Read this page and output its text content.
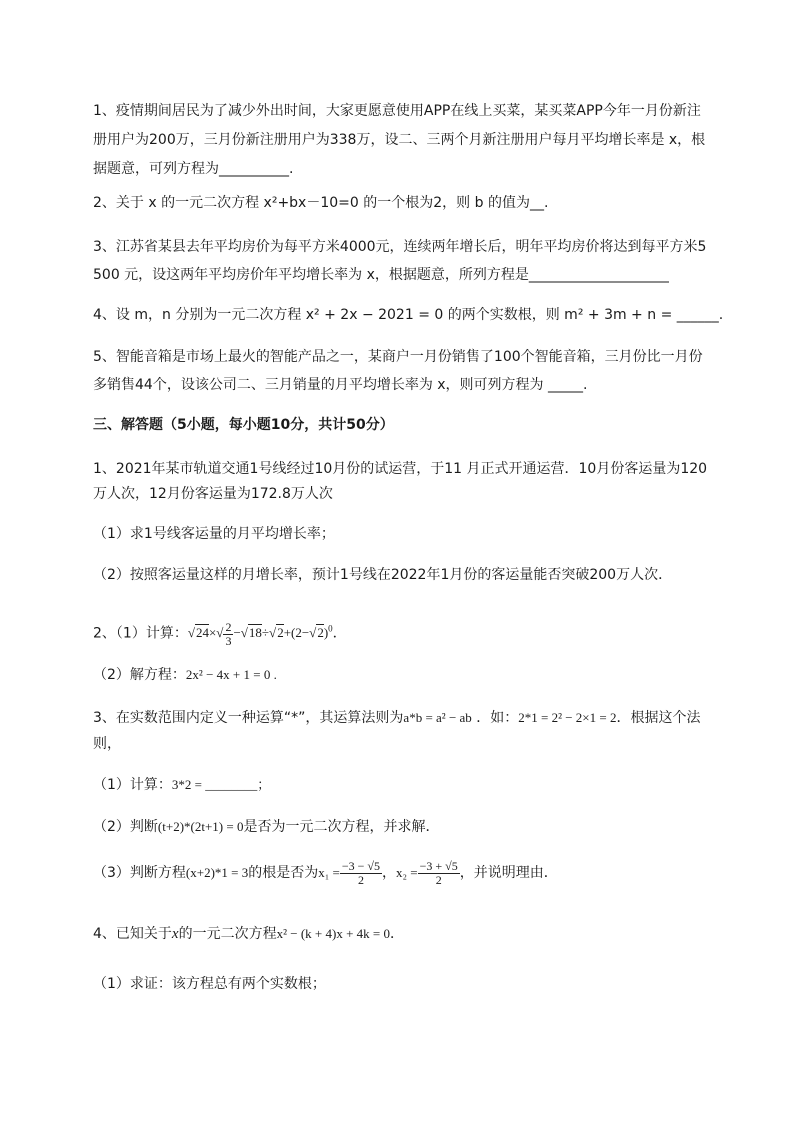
1、疫情期间居民为了减少外出时间，大家更愿意使用APP在线上买菜，某买菜APP今年一月份新注
册用户为200万，三月份新注册用户为338万，设二、三两个月新注册用户每月平均增长率是 x，根
据题意，可列方程为__________.
2、关于 x 的一元二次方程 x²+bx－10=0 的一个根为2，则 b 的值为__.
3、江苏省某县去年平均房价为每平方米4000元，连续两年增长后，明年平均房价将达到每平方米5
500 元，设这两年平均房价年平均增长率为 x，根据题意，所列方程是____________________
4、设 m，n 分别为一元二次方程 x² + 2x − 2021 = 0 的两个实数根，则 m² + 3m + n = ______.
5、智能音箱是市场上最火的智能产品之一，某商户一月份销售了100个智能音箱，三月份比一月份
多销售44个，设该公司二、三月销量的月平均增长率为 x，则可列方程为 _____.
三、解答题（5小题，每小题10分，共计50分）
1、2021年某市轨道交通1号线经过10月份的试运营，于11 月正式开通运营．10月份客运量为120
万人次，12月份客运量为172.8万人次
（1）求1号线客运量的月平均增长率；
（2）按照客运量这样的月增长率，预计1号线在2022年1月份的客运量能否突破200万人次．
2、（1）计算：$√24\times√ \frac{2}{3} -√18\div√2+(2-√2)^0$．
（2）解方程：2x² − 4x + 1 = 0 .
3、在实数范围内定义一种运算“*”，其运算法则为a*b = a² − ab ．如：2*1 = 2² − 2×1 = 2．根据这个法
则，
（1）计算：3*2 = ________；
（2）判断(t+2)*(2t+1) = 0是否为一元二次方程，并求解．
（3）判断方程(x+2)*1 = 3的根是否为$x_1 = \frac{-3 - √5}{2}$ ，$x_2 = \frac{-3 + √5}{2}$ ，并说明理由．
4、已知关于x的一元二次方程x² − (k + 4)x + 4k = 0．
（1）求证：该方程总有两个实数根；
